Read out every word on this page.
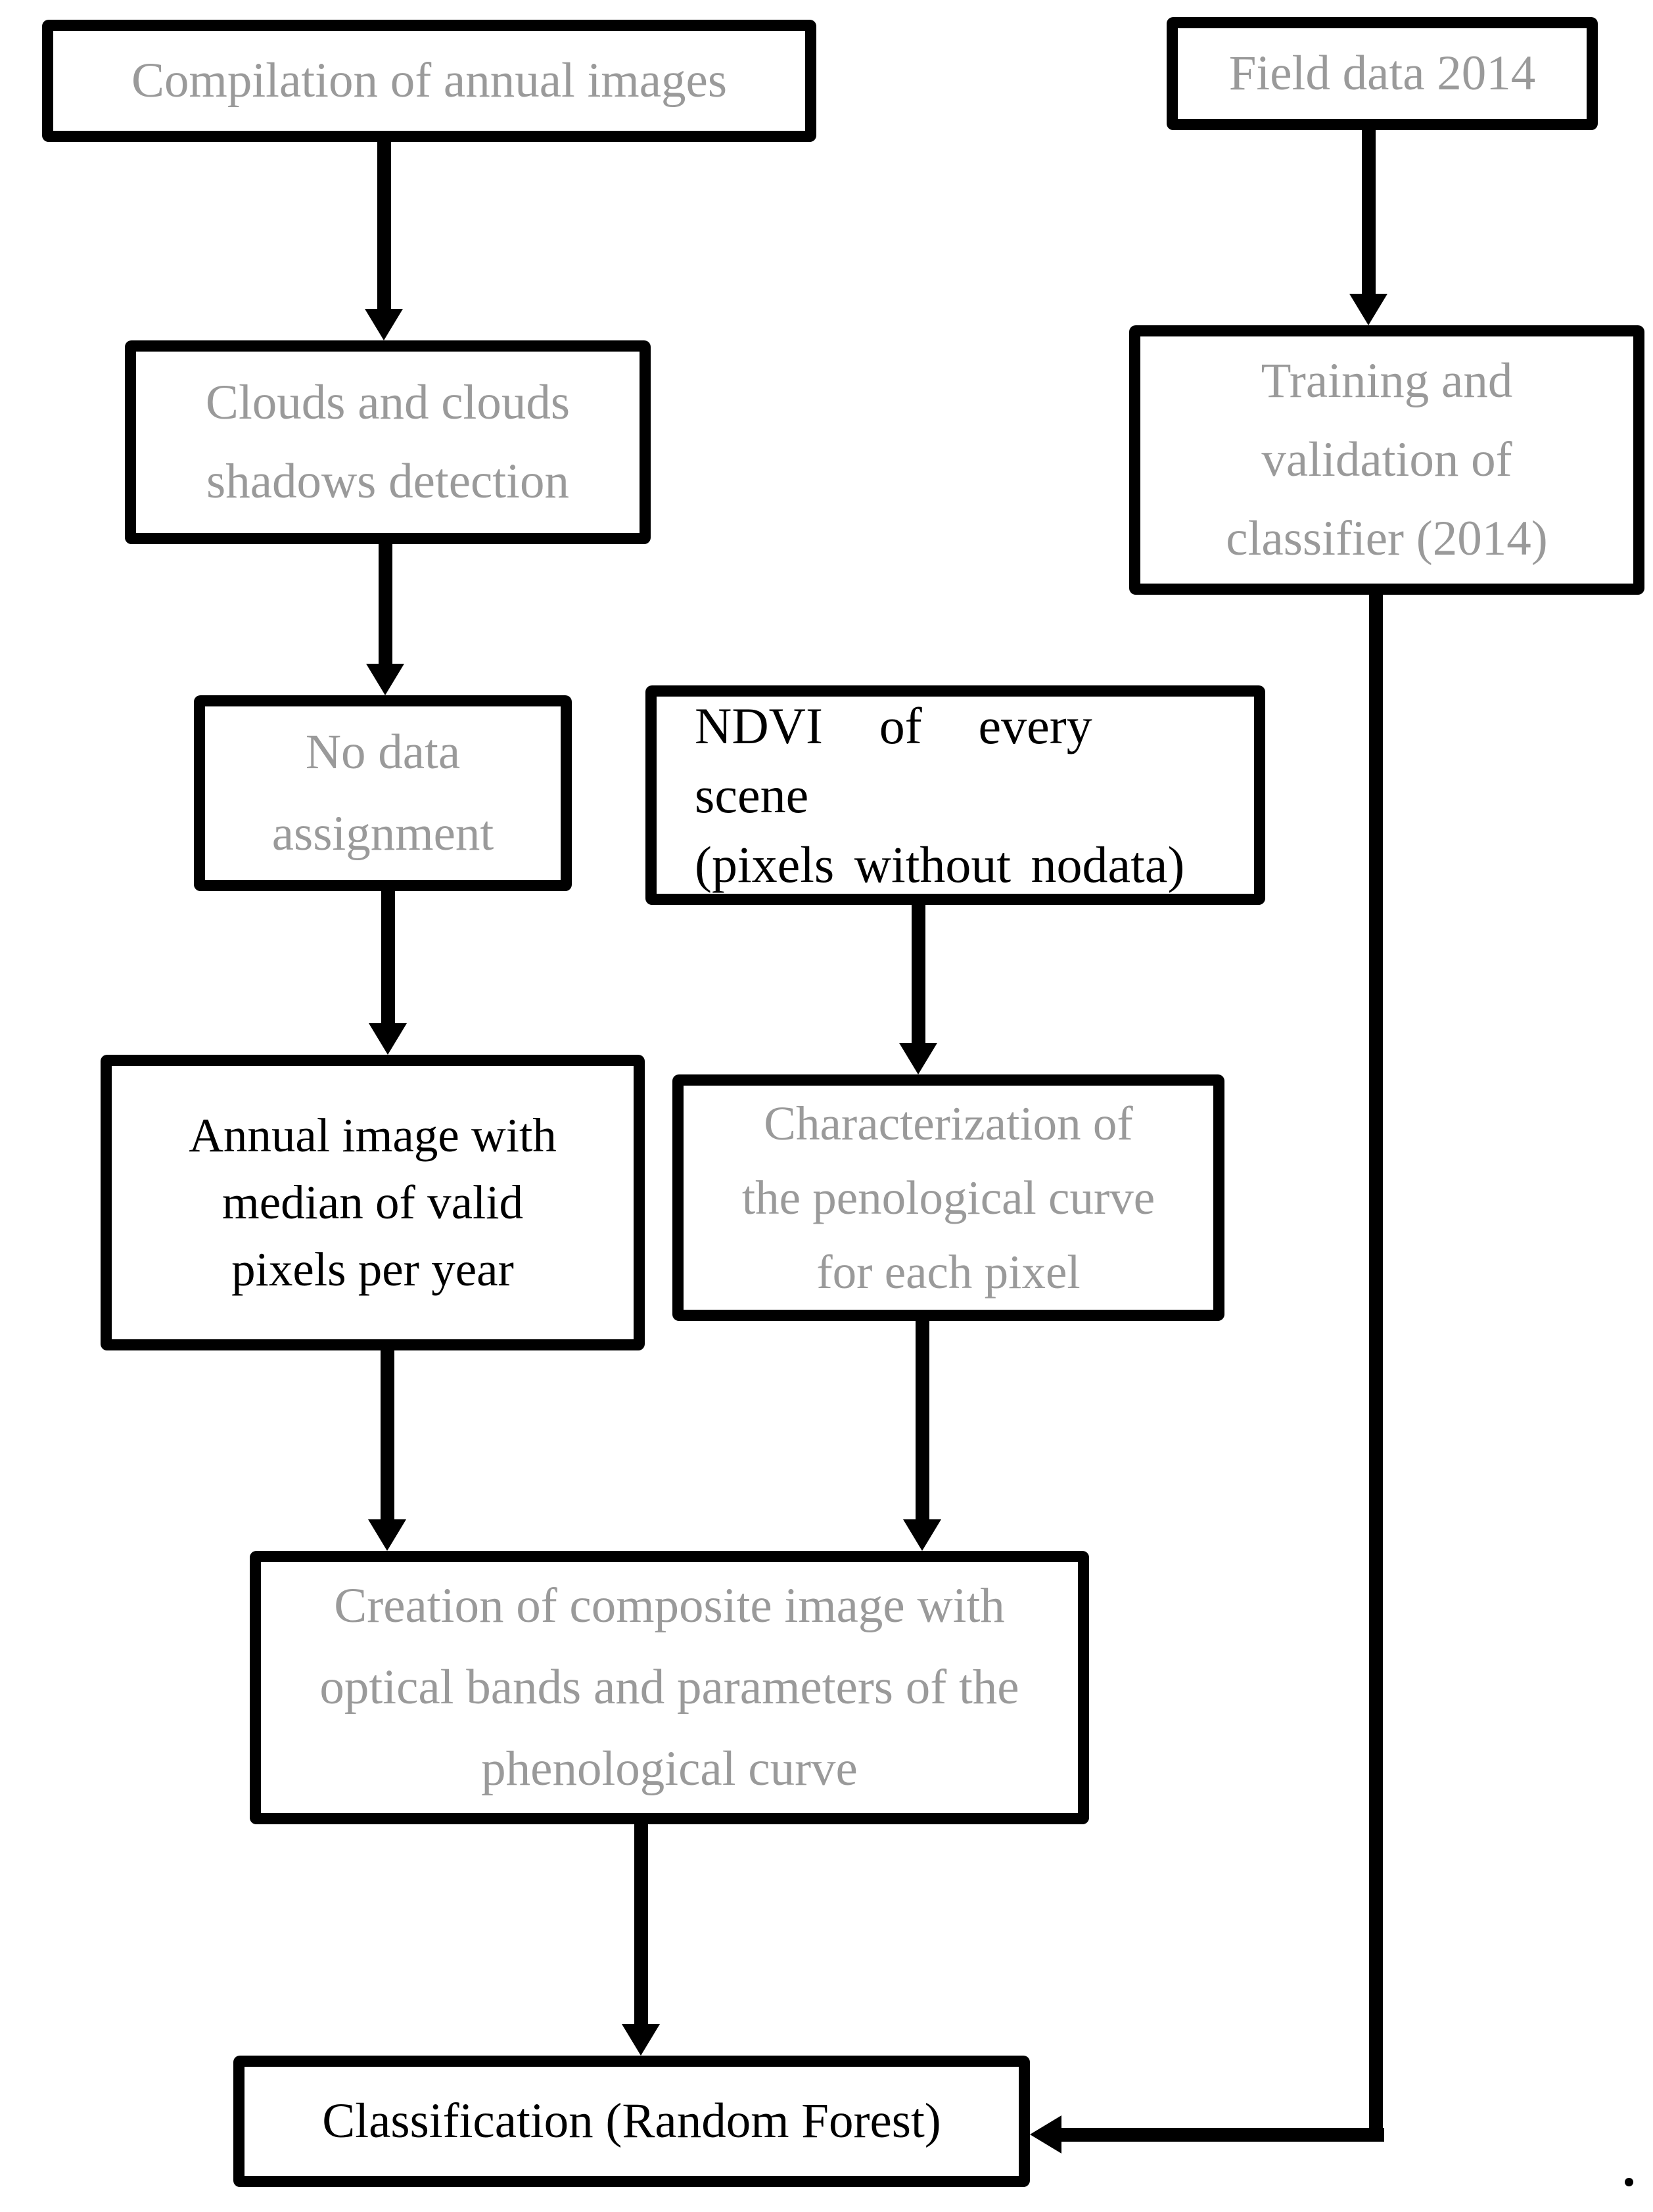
Compilation of annual images	Field data 2014
Clouds and clouds
shadows detection
Training and
validation of
classifier (2014)
No data
assignment
NDVI of every scene
(pixels without nodata)
Annual image with
median of valid
pixels per year
Characterization of
the penological curve
for each pixel
Creation of composite image with
optical bands and parameters of the
phenological curve
Classification (Random Forest)
